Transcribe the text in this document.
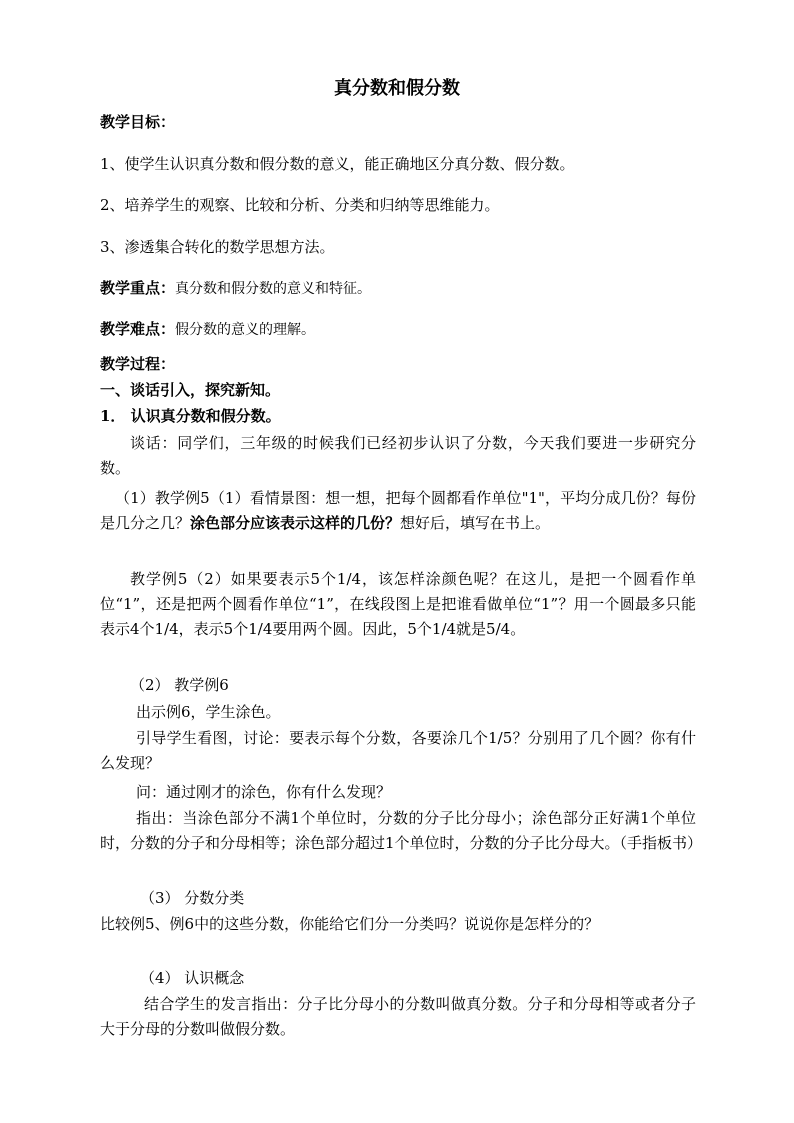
真分数和假分数
教学目标：
1、使学生认识真分数和假分数的意义，能正确地区分真分数、假分数。
2、培养学生的观察、比较和分析、分类和归纳等思维能力。
3、渗透集合转化的数学思想方法。
教学重点：真分数和假分数的意义和特征。
教学难点：假分数的意义的理解。
教学过程：
一、谈话引入，探究新知。
1． 认识真分数和假分数。
谈话：同学们，三年级的时候我们已经初步认识了分数，今天我们要进一步研究分数。
（1）教学例5（1）看情景图：想一想，把每个圆都看作单位"1"，平均分成几份？每份是几分之几？涂色部分应该表示这样的几份？想好后，填写在书上。
教学例5（2）如果要表示5个1/4，该怎样涂颜色呢？在这儿，是把一个圆看作单位“1”，还是把两个圆看作单位“1”，在线段图上是把谁看做单位“1”？用一个圆最多只能表示4个1/4，表示5个1/4要用两个圆。因此，5个1/4就是5/4。
（2） 教学例6
出示例6，学生涂色。
引导学生看图，讨论：要表示每个分数，各要涂几个1/5？分别用了几个圆？你有什么发现？
问：通过刚才的涂色，你有什么发现？
指出：当涂色部分不满1个单位时，分数的分子比分母小；涂色部分正好满1个单位时，分数的分子和分母相等；涂色部分超过1个单位时，分数的分子比分母大。（手指板书）
（3） 分数分类
比较例5、例6中的这些分数，你能给它们分一分类吗？说说你是怎样分的？
（4） 认识概念
结合学生的发言指出：分子比分母小的分数叫做真分数。分子和分母相等或者分子大于分母的分数叫做假分数。
